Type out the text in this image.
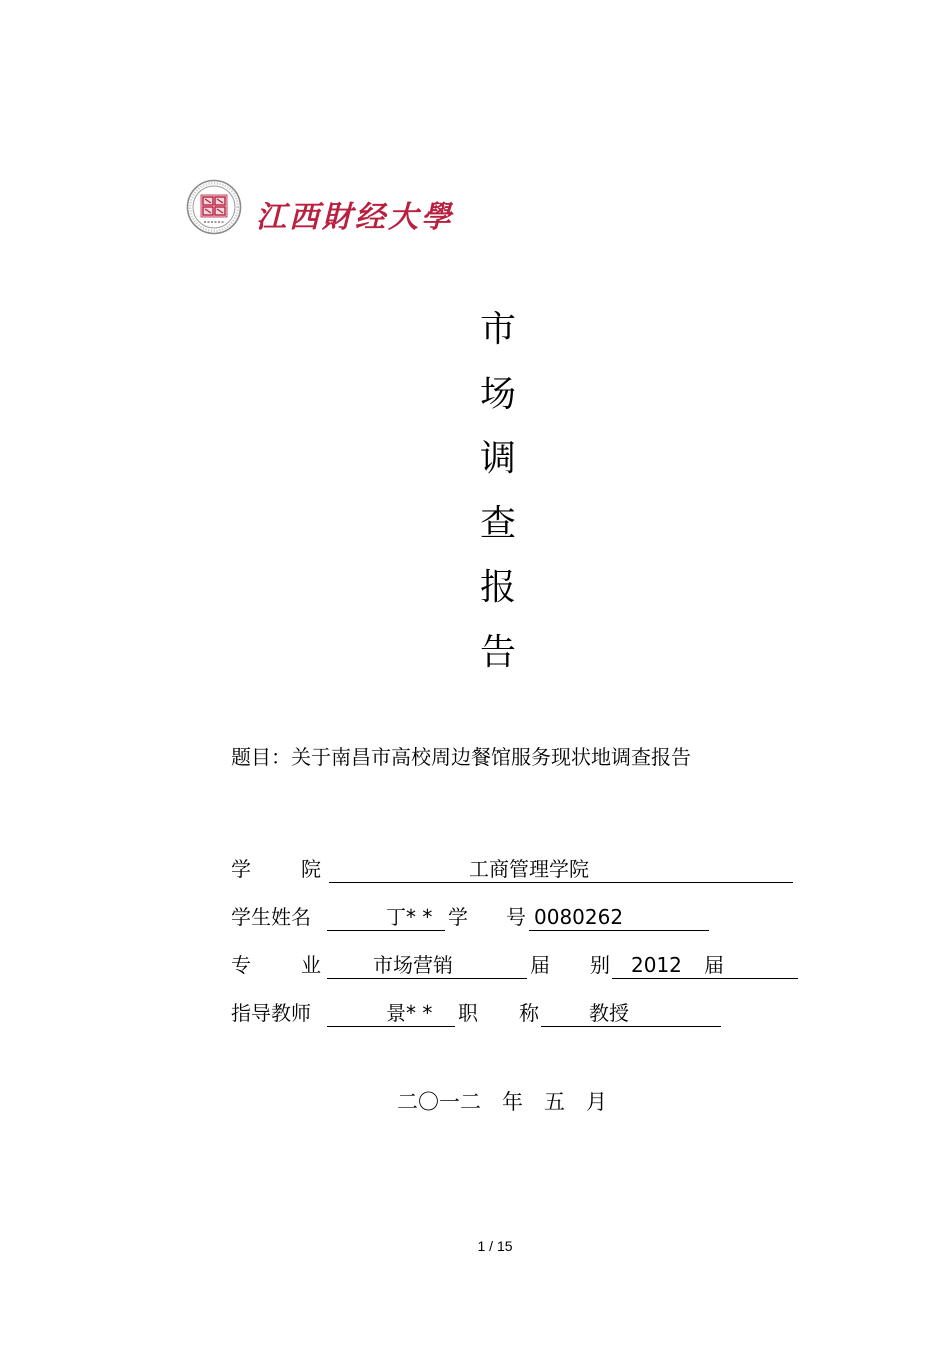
江西財经大學
市
场
调
查
报
告
题目：关于南昌市高校周边餐馆服务现状地调查报告
学	院	工商管理学院
学生姓名	丁* * 学 号 0080262
专	业	市场营销	届 别 2012 届
指导教师	景* * 职 称	教授
二〇一二　年　五　月
1 / 15
